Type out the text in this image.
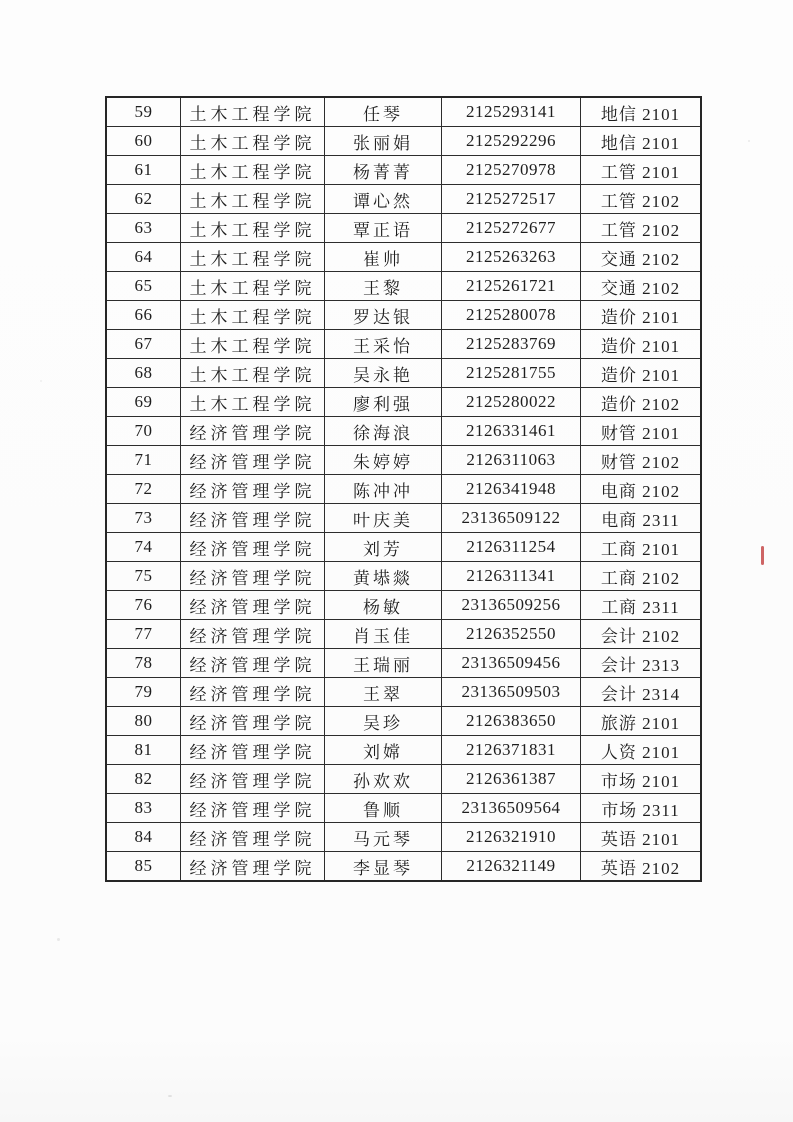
59	土木工程学院	任琴	2125293141	地信 2101
60	土木工程学院	张丽娟	2125292296	地信 2101
61	土木工程学院	杨菁菁	2125270978	工管 2101
62	土木工程学院	谭心然	2125272517	工管 2102
63	土木工程学院	覃正语	2125272677	工管 2102
64	土木工程学院	崔帅	2125263263	交通 2102
65	土木工程学院	王黎	2125261721	交通 2102
66	土木工程学院	罗达银	2125280078	造价 2101
67	土木工程学院	王采怡	2125283769	造价 2101
68	土木工程学院	吴永艳	2125281755	造价 2101
69	土木工程学院	廖利强	2125280022	造价 2102
70	经济管理学院	徐海浪	2126331461	财管 2101
71	经济管理学院	朱婷婷	2126311063	财管 2102
72	经济管理学院	陈冲冲	2126341948	电商 2102
73	经济管理学院	叶庆美	23136509122	电商 2311
74	经济管理学院	刘芳	2126311254	工商 2101
75	经济管理学院	黄塨燚	2126311341	工商 2102
76	经济管理学院	杨敏	23136509256	工商 2311
77	经济管理学院	肖玉佳	2126352550	会计 2102
78	经济管理学院	王瑞丽	23136509456	会计 2313
79	经济管理学院	王翠	23136509503	会计 2314
80	经济管理学院	吴珍	2126383650	旅游 2101
81	经济管理学院	刘嫦	2126371831	人资 2101
82	经济管理学院	孙欢欢	2126361387	市场 2101
83	经济管理学院	鲁顺	23136509564	市场 2311
84	经济管理学院	马元琴	2126321910	英语 2101
85	经济管理学院	李显琴	2126321149	英语 2102
